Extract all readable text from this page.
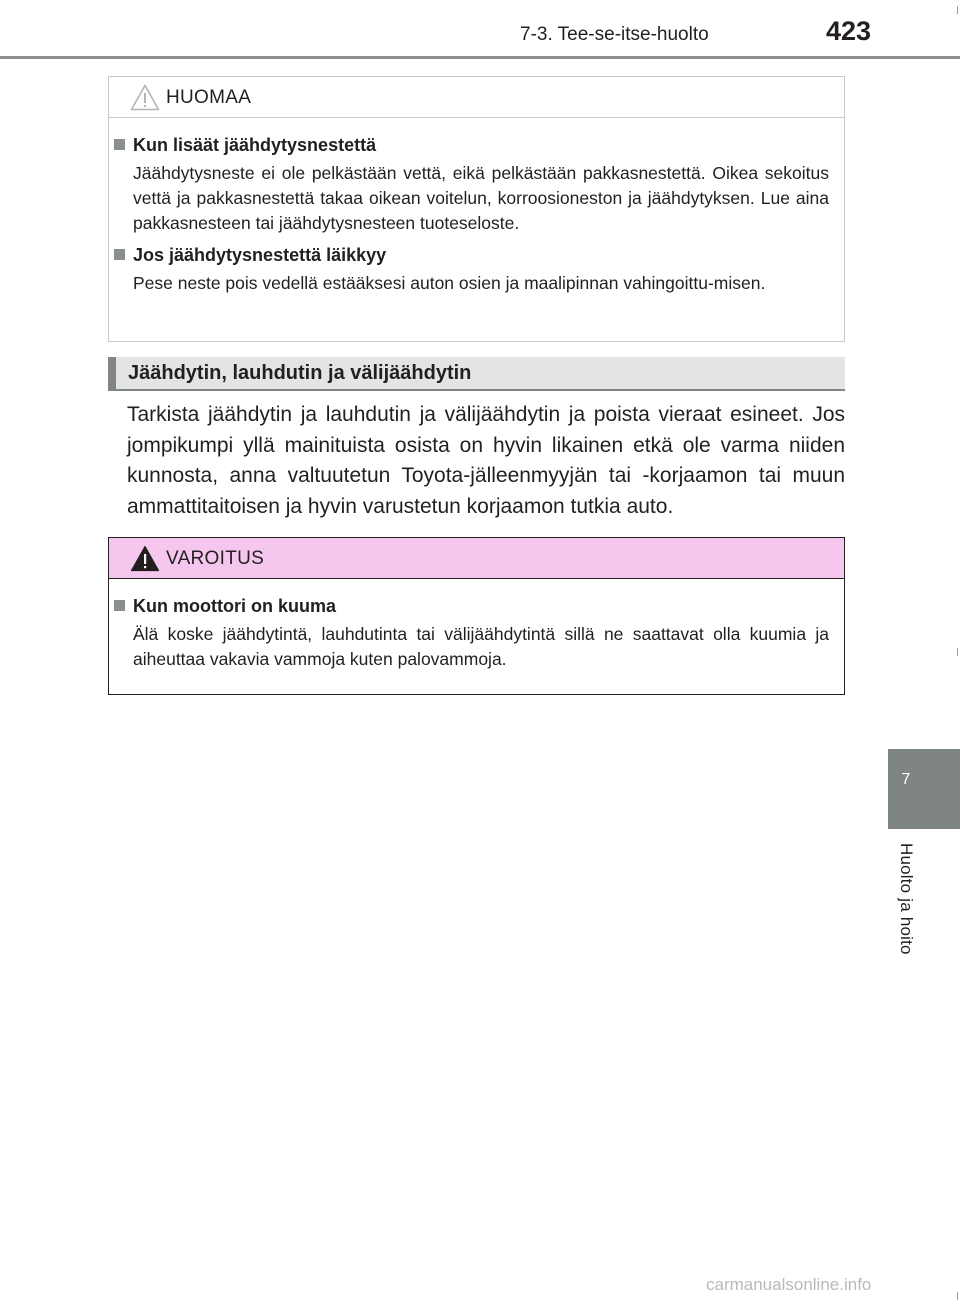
7-3. Tee-se-itse-huolto	423
7
Huolto ja hoito
HUOMAA
Kun lisäät jäähdytysnestettä
Jäähdytysneste ei ole pelkästään vettä, eikä pelkästään pakkasnestettä. Oikea sekoitus vettä ja pakkasnestettä takaa oikean voitelun, korroosioneston ja jäähdytyksen. Lue aina pakkasnesteen tai jäähdytysnesteen tuoteseloste.
Jos jäähdytysnestettä läikkyy
Pese neste pois vedellä estääksesi auton osien ja maalipinnan vahingoittu-misen.
Jäähdytin, lauhdutin ja välijäähdytin
Tarkista jäähdytin ja lauhdutin ja välijäähdytin ja poista vieraat esineet. Jos jompikumpi yllä mainituista osista on hyvin likainen etkä ole varma niiden kunnosta, anna valtuutetun Toyota-jälleenmyyjän tai -korjaamon tai muun ammattitaitoisen ja hyvin varustetun korjaamon tutkia auto.
VAROITUS
Kun moottori on kuuma
Älä koske jäähdytintä, lauhdutinta tai välijäähdytintä sillä ne saattavat olla kuumia ja aiheuttaa vakavia vammoja kuten palovammoja.
carmanualsonline.info
